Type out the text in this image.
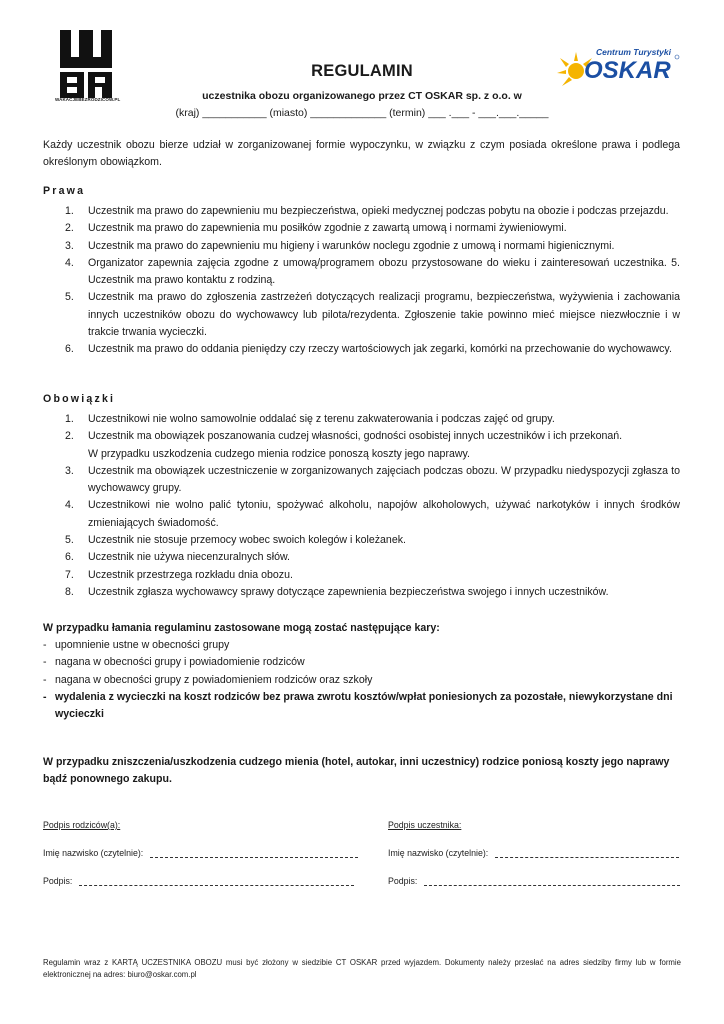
WAKACJEBEZRODZICOW.PL
Centrum Turystyki
OSKAR
REGULAMIN
uczestnika obozu organizowanego przez CT OSKAR sp. z o.o. w
(kraj) ___________ (miasto) _____________ (termin) ___ .___ - ___.___._____
Każdy uczestnik obozu bierze udział w zorganizowanej formie wypoczynku, w związku z czym posiada określone prawa i podlega określonym obowiązkom.
Prawa
1. Uczestnik ma prawo do zapewnieniu mu bezpieczeństwa, opieki medycznej podczas pobytu na obozie i podczas przejazdu.
2. Uczestnik ma prawo do zapewnienia mu posiłków zgodnie z zawartą umową i normami żywieniowymi.
3. Uczestnik ma prawo do zapewnieniu mu higieny i warunków noclegu zgodnie z umową i normami higienicznymi.
4. Organizator zapewnia zajęcia zgodne z umową/programem obozu przystosowane do wieku i zainteresowań uczestnika. 5. Uczestnik ma prawo kontaktu z rodziną.
5. Uczestnik ma prawo do zgłoszenia zastrzeżeń dotyczących realizacji programu, bezpieczeństwa, wyżywienia i zachowania innych uczestników obozu do wychowawcy lub pilota/rezydenta. Zgłoszenie takie powinno mieć miejsce niezwłocznie i w trakcie trwania wycieczki.
6. Uczestnik ma prawo do oddania pieniędzy czy rzeczy wartościowych jak zegarki, komórki na przechowanie do wychowawcy.
Obowiązki
1. Uczestnikowi nie wolno samowolnie oddalać się z terenu zakwaterowania i podczas zajęć od grupy.
2. Uczestnik ma obowiązek poszanowania cudzej własności, godności osobistej innych uczestników i ich przekonań.
W przypadku uszkodzenia cudzego mienia rodzice ponoszą koszty jego naprawy.
3. Uczestnik ma obowiązek uczestniczenie w zorganizowanych zajęciach podczas obozu. W przypadku niedyspozycji zgłasza to wychowawcy grupy.
4. Uczestnikowi nie wolno palić tytoniu, spożywać alkoholu, napojów alkoholowych, używać narkotyków i innych środków zmieniających świadomość.
5. Uczestnik nie stosuje przemocy wobec swoich kolegów i koleżanek.
6. Uczestnik nie używa niecenzuralnych słów.
7. Uczestnik przestrzega rozkładu dnia obozu.
8. Uczestnik zgłasza wychowawcy sprawy dotyczące zapewnienia bezpieczeństwa swojego i innych uczestników.
W przypadku łamania regulaminu zastosowane mogą zostać następujące kary:
- upomnienie ustne w obecności grupy
- nagana w obecności grupy i powiadomienie rodziców
- nagana w obecności grupy z powiadomieniem rodziców oraz szkoły
- wydalenia z wycieczki na koszt rodziców bez prawa zwrotu kosztów/wpłat poniesionych za pozostałe, niewykorzystane dni wycieczki
W przypadku zniszczenia/uszkodzenia cudzego mienia (hotel, autokar, inni uczestnicy) rodzice poniosą koszty jego naprawy bądź ponownego zakupu.
Podpis rodziców(a):	Podpis uczestnika:
Imię nazwisko (czytelnie):	Imię nazwisko (czytelnie):
Podpis:	Podpis:
Regulamin wraz z KARTĄ UCZESTNIKA OBOZU musi być złożony w siedzibie CT OSKAR przed wyjazdem. Dokumenty należy przesłać na adres siedziby firmy lub w formie elektronicznej na adres: biuro@oskar.com.pl
